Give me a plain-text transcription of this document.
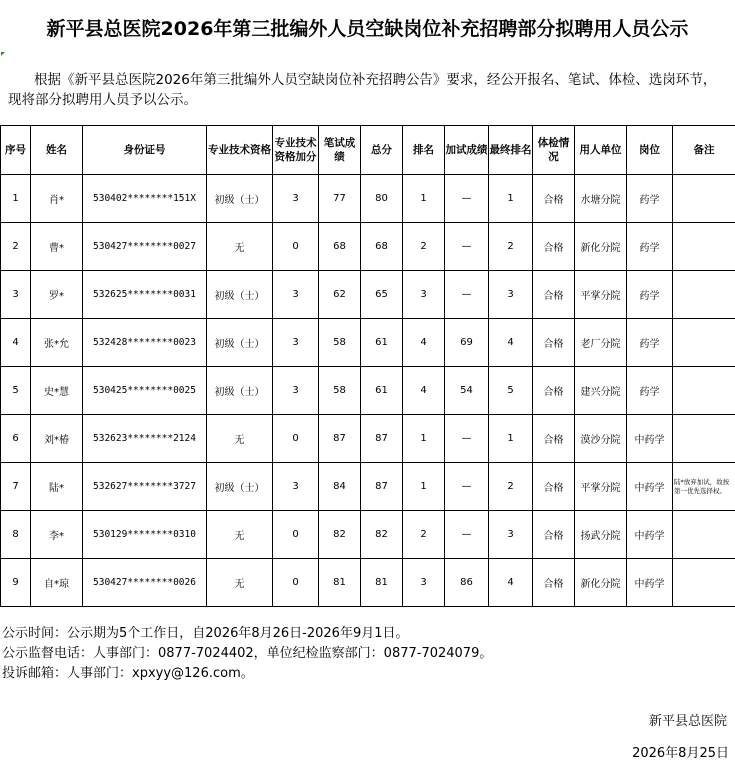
新平县总医院2026年第三批编外人员空缺岗位补充招聘部分拟聘用人员公示
根据《新平县总医院2026年第三批编外人员空缺岗位补充招聘公告》要求，经公开报名、笔试、体检、选岗环节，现将部分拟聘用人员予以公示。
序号	姓名	身份证号	专业技术资格	专业技术资格加分	笔试成绩	总分	排名	加试成绩	最终排名	体检情况	用人单位	岗位	备注
1	肖*	530402********151X	初级（士）	3	77	80	1	—	1	合格	水塘分院	药学	
2	曹*	530427********0027	无	0	68	68	2	—	2	合格	新化分院	药学	
3	罗*	532625********0031	初级（士）	3	62	65	3	—	3	合格	平掌分院	药学	
4	张*允	532428********0023	初级（士）	3	58	61	4	69	4	合格	老厂分院	药学	
5	史*慧	530425********0025	初级（士）	3	58	61	4	54	5	合格	建兴分院	药学	
6	刘*椿	532623********2124	无	0	87	87	1	—	1	合格	漠沙分院	中药学	
7	陆*	532627********3727	初级（士）	3	84	87	1	—	2	合格	平掌分院	中药学	陆*放弃加试，故按第一优先选择权。
8	李*	530129********0310	无	0	82	82	2	—	3	合格	扬武分院	中药学	
9	自*琼	530427********0026	无	0	81	81	3	86	4	合格	新化分院	中药学	
公示时间：公示期为5个工作日，自2026年8月26日-2026年9月1日。
公示监督电话：人事部门：0877-7024402，单位纪检监察部门：0877-7024079。
投诉邮箱：人事部门：xpxyy@126.com。
新平县总医院
2026年8月25日
